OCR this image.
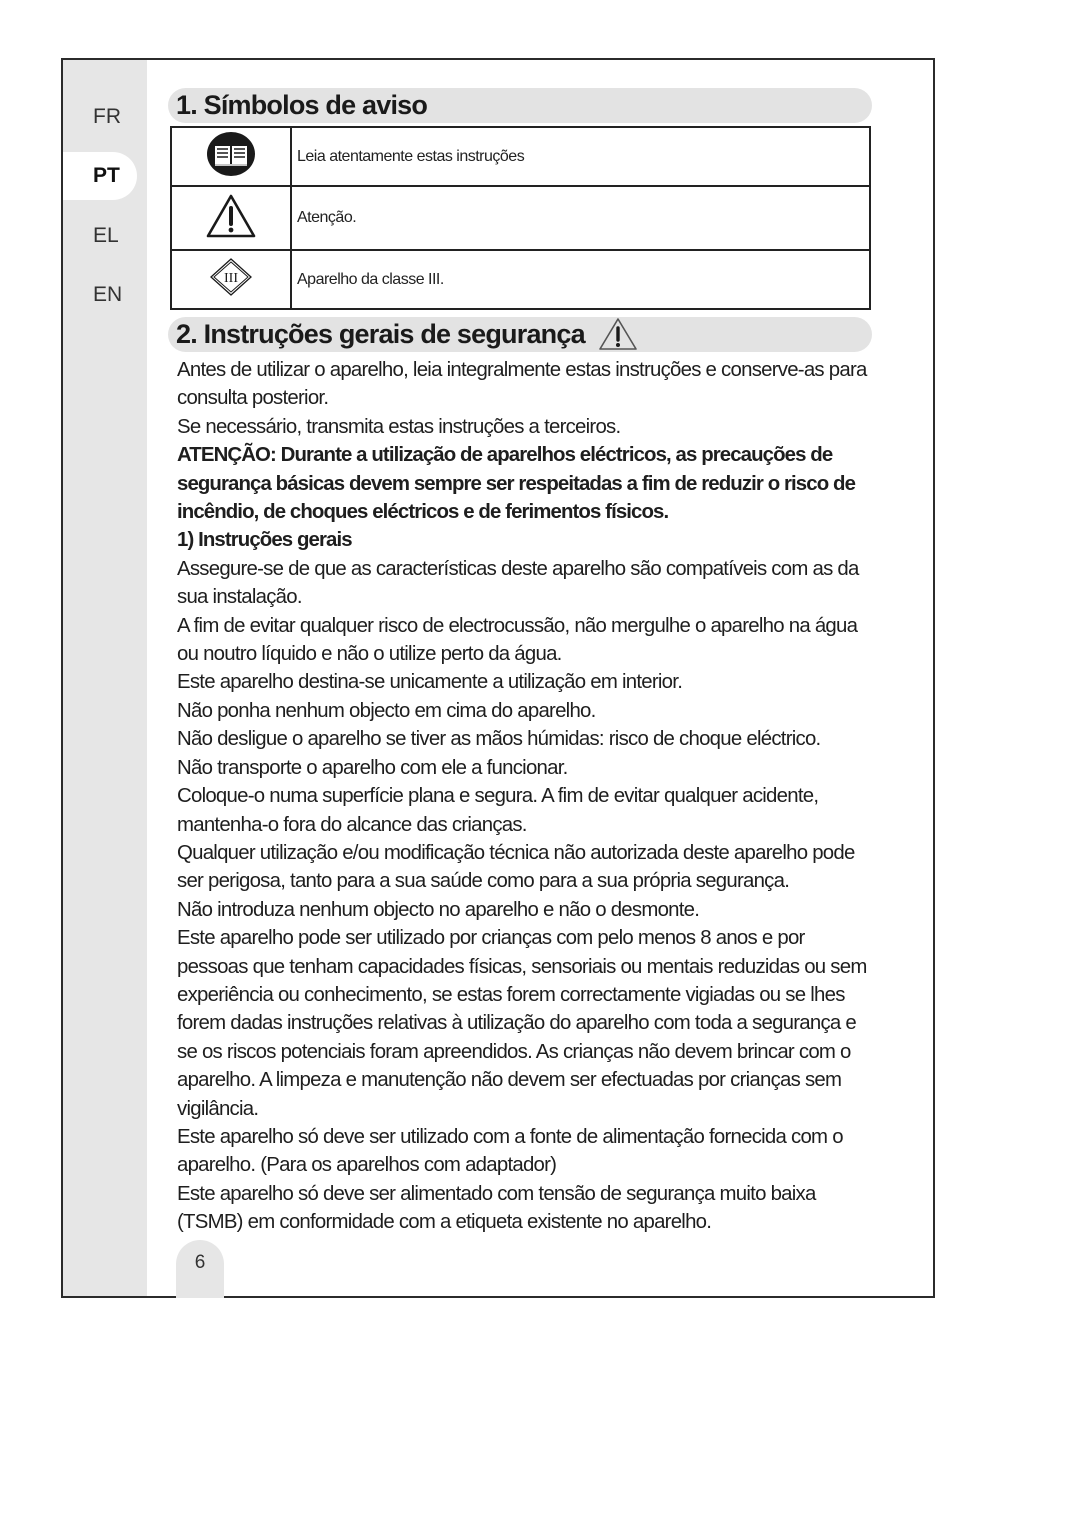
FR
PT
EL
EN
1. Símbolos de aviso
	Leia atentamente estas instruções
	Atenção.

III	Aparelho da classe III.
2. Instruções gerais de segurança

Antes de utilizar o aparelho, leia integralmente estas instruções e conserve-as para consulta posterior.

Se necessário, transmita estas instruções a terceiros.

ATENÇÃO: Durante a utilização de aparelhos eléctricos, as precauções de segurança básicas devem sempre ser respeitadas a fim de reduzir o risco de incêndio, de choques eléctricos e de ferimentos físicos.

1) Instruções gerais

Assegure-se de que as características deste aparelho são compatíveis com as da sua instalação.

A fim de evitar qualquer risco de electrocussão, não mergulhe o aparelho na água ou noutro líquido e não o utilize perto da água.

Este aparelho destina-se unicamente a utilização em interior.

Não ponha nenhum objecto em cima do aparelho.

Não desligue o aparelho se tiver as mãos húmidas: risco de choque eléctrico.

Não transporte o aparelho com ele a funcionar.

Coloque-o numa superfície plana e segura. A fim de evitar qualquer acidente, mantenha-o fora do alcance das crianças.

Qualquer utilização e/ou modificação técnica não autorizada deste aparelho pode ser perigosa, tanto para a sua saúde como para a sua própria segurança.

Não introduza nenhum objecto no aparelho e não o desmonte.

Este aparelho pode ser utilizado por crianças com pelo menos 8 anos e por pessoas que tenham capacidades físicas, sensoriais ou mentais reduzidas ou sem experiência ou conhecimento, se estas forem correctamente vigiadas ou se lhes forem dadas instruções relativas à utilização do aparelho com toda a segurança e se os riscos potenciais foram apreendidos. As crianças não devem brincar com o aparelho. A limpeza e manutenção não devem ser efectuadas por crianças sem vigilância.

Este aparelho só deve ser utilizado com a fonte de alimentação fornecida com o aparelho. (Para os aparelhos com adaptador)

Este aparelho só deve ser alimentado com tensão de segurança muito baixa (TSMB) em conformidade com a etiqueta existente no aparelho.

6
